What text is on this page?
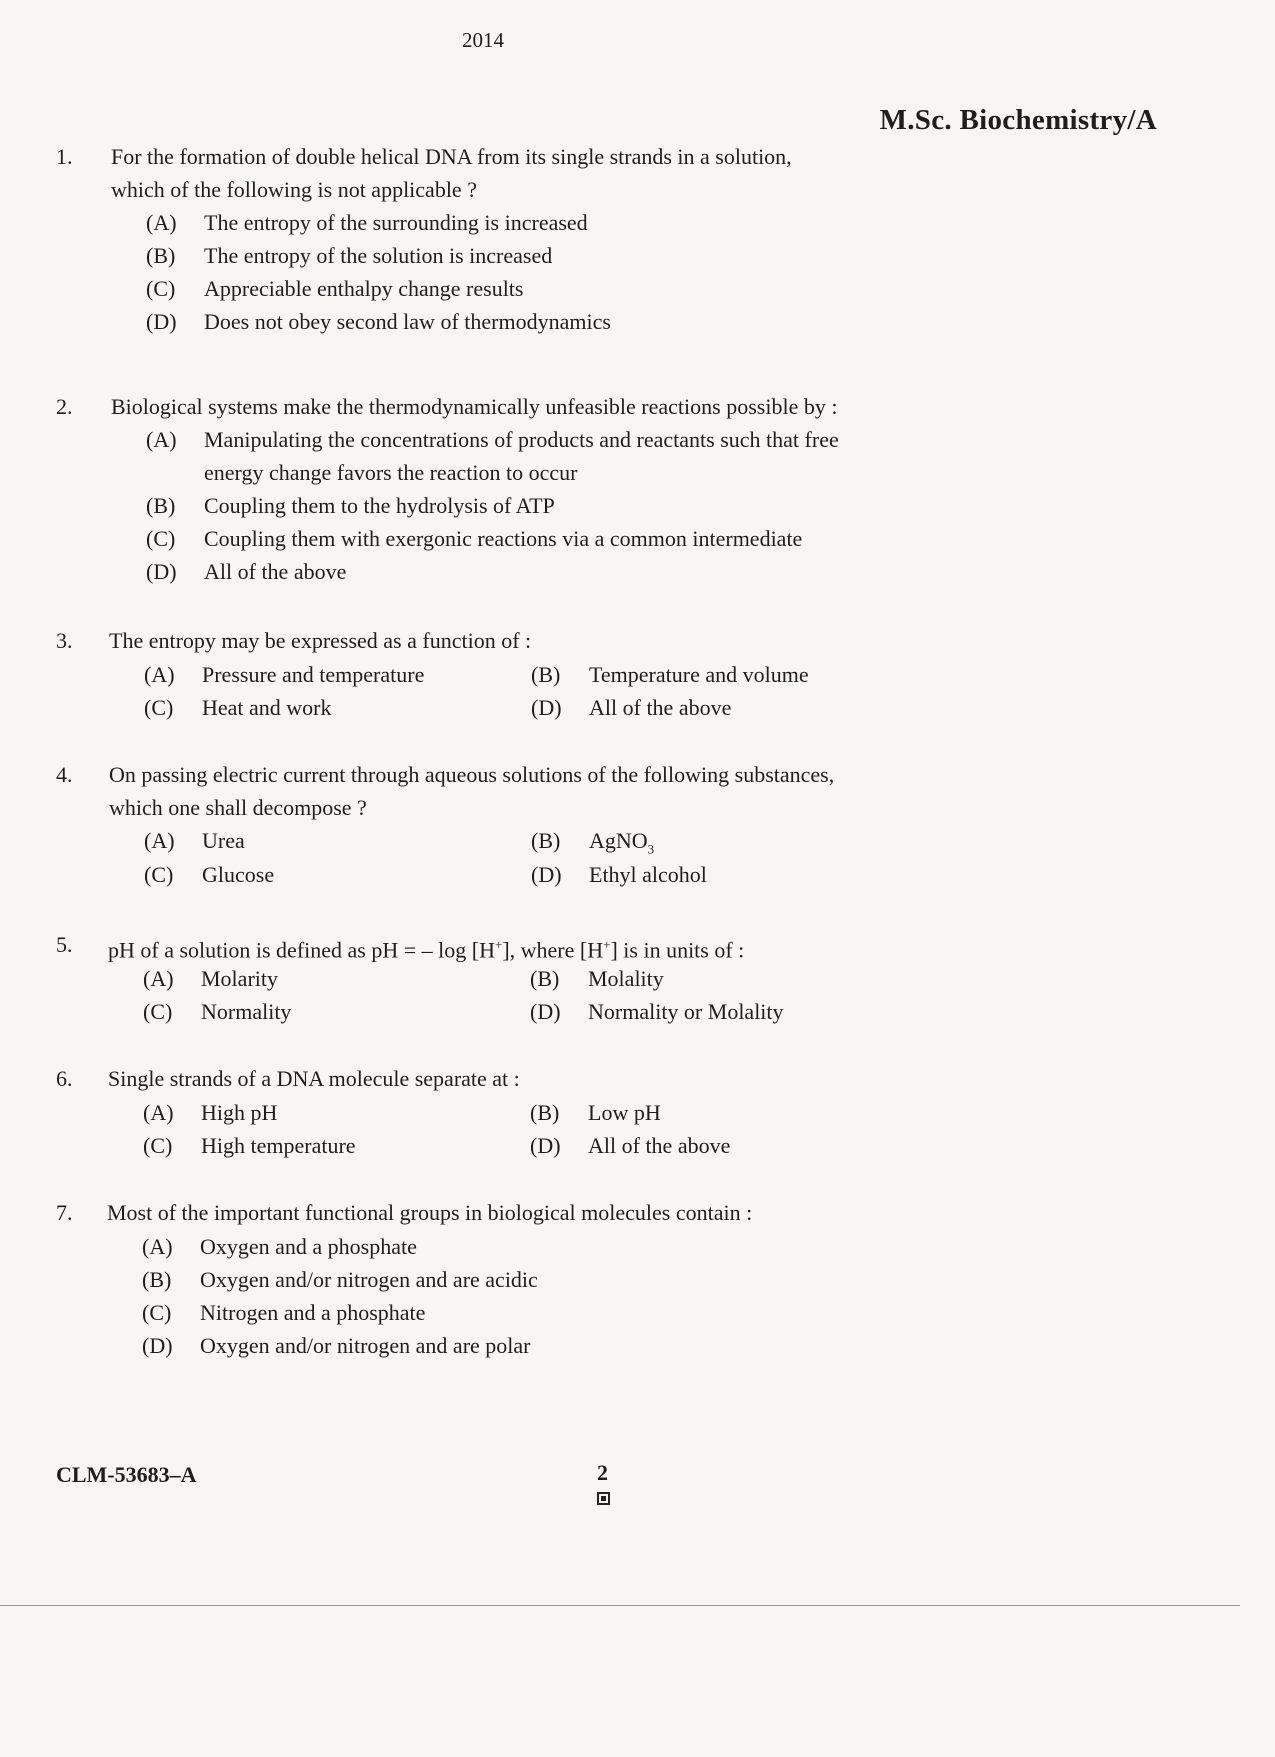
2014
M.Sc. Biochemistry/A
1. For the formation of double helical DNA from its single strands in a solution,
which of the following is not applicable ?
(A) The entropy of the surrounding is increased
(B) The entropy of the solution is increased
(C) Appreciable enthalpy change results
(D) Does not obey second law of thermodynamics
2. Biological systems make the thermodynamically unfeasible reactions possible by :
(A) Manipulating the concentrations of products and reactants such that free
energy change favors the reaction to occur
(B) Coupling them to the hydrolysis of ATP
(C) Coupling them with exergonic reactions via a common intermediate
(D) All of the above
3. The entropy may be expressed as a function of :
(A) Pressure and temperature	(B) Temperature and volume
(C) Heat and work	(D) All of the above
4. On passing electric current through aqueous solutions of the following substances,
which one shall decompose ?
(A) Urea	(B) AgNO$_3$
(C) Glucose	(D) Ethyl alcohol
5. pH of a solution is defined as pH = – log [H+], where [H+] is in units of :
(A) Molarity	(B) Molality
(C) Normality	(D) Normality or Molality
6. Single strands of a DNA molecule separate at :
(A) High pH	(B) Low pH
(C) High temperature	(D) All of the above
7. Most of the important functional groups in biological molecules contain :
(A) Oxygen and a phosphate
(B) Oxygen and/or nitrogen and are acidic
(C) Nitrogen and a phosphate
(D) Oxygen and/or nitrogen and are polar
CLM-53683–A	2
